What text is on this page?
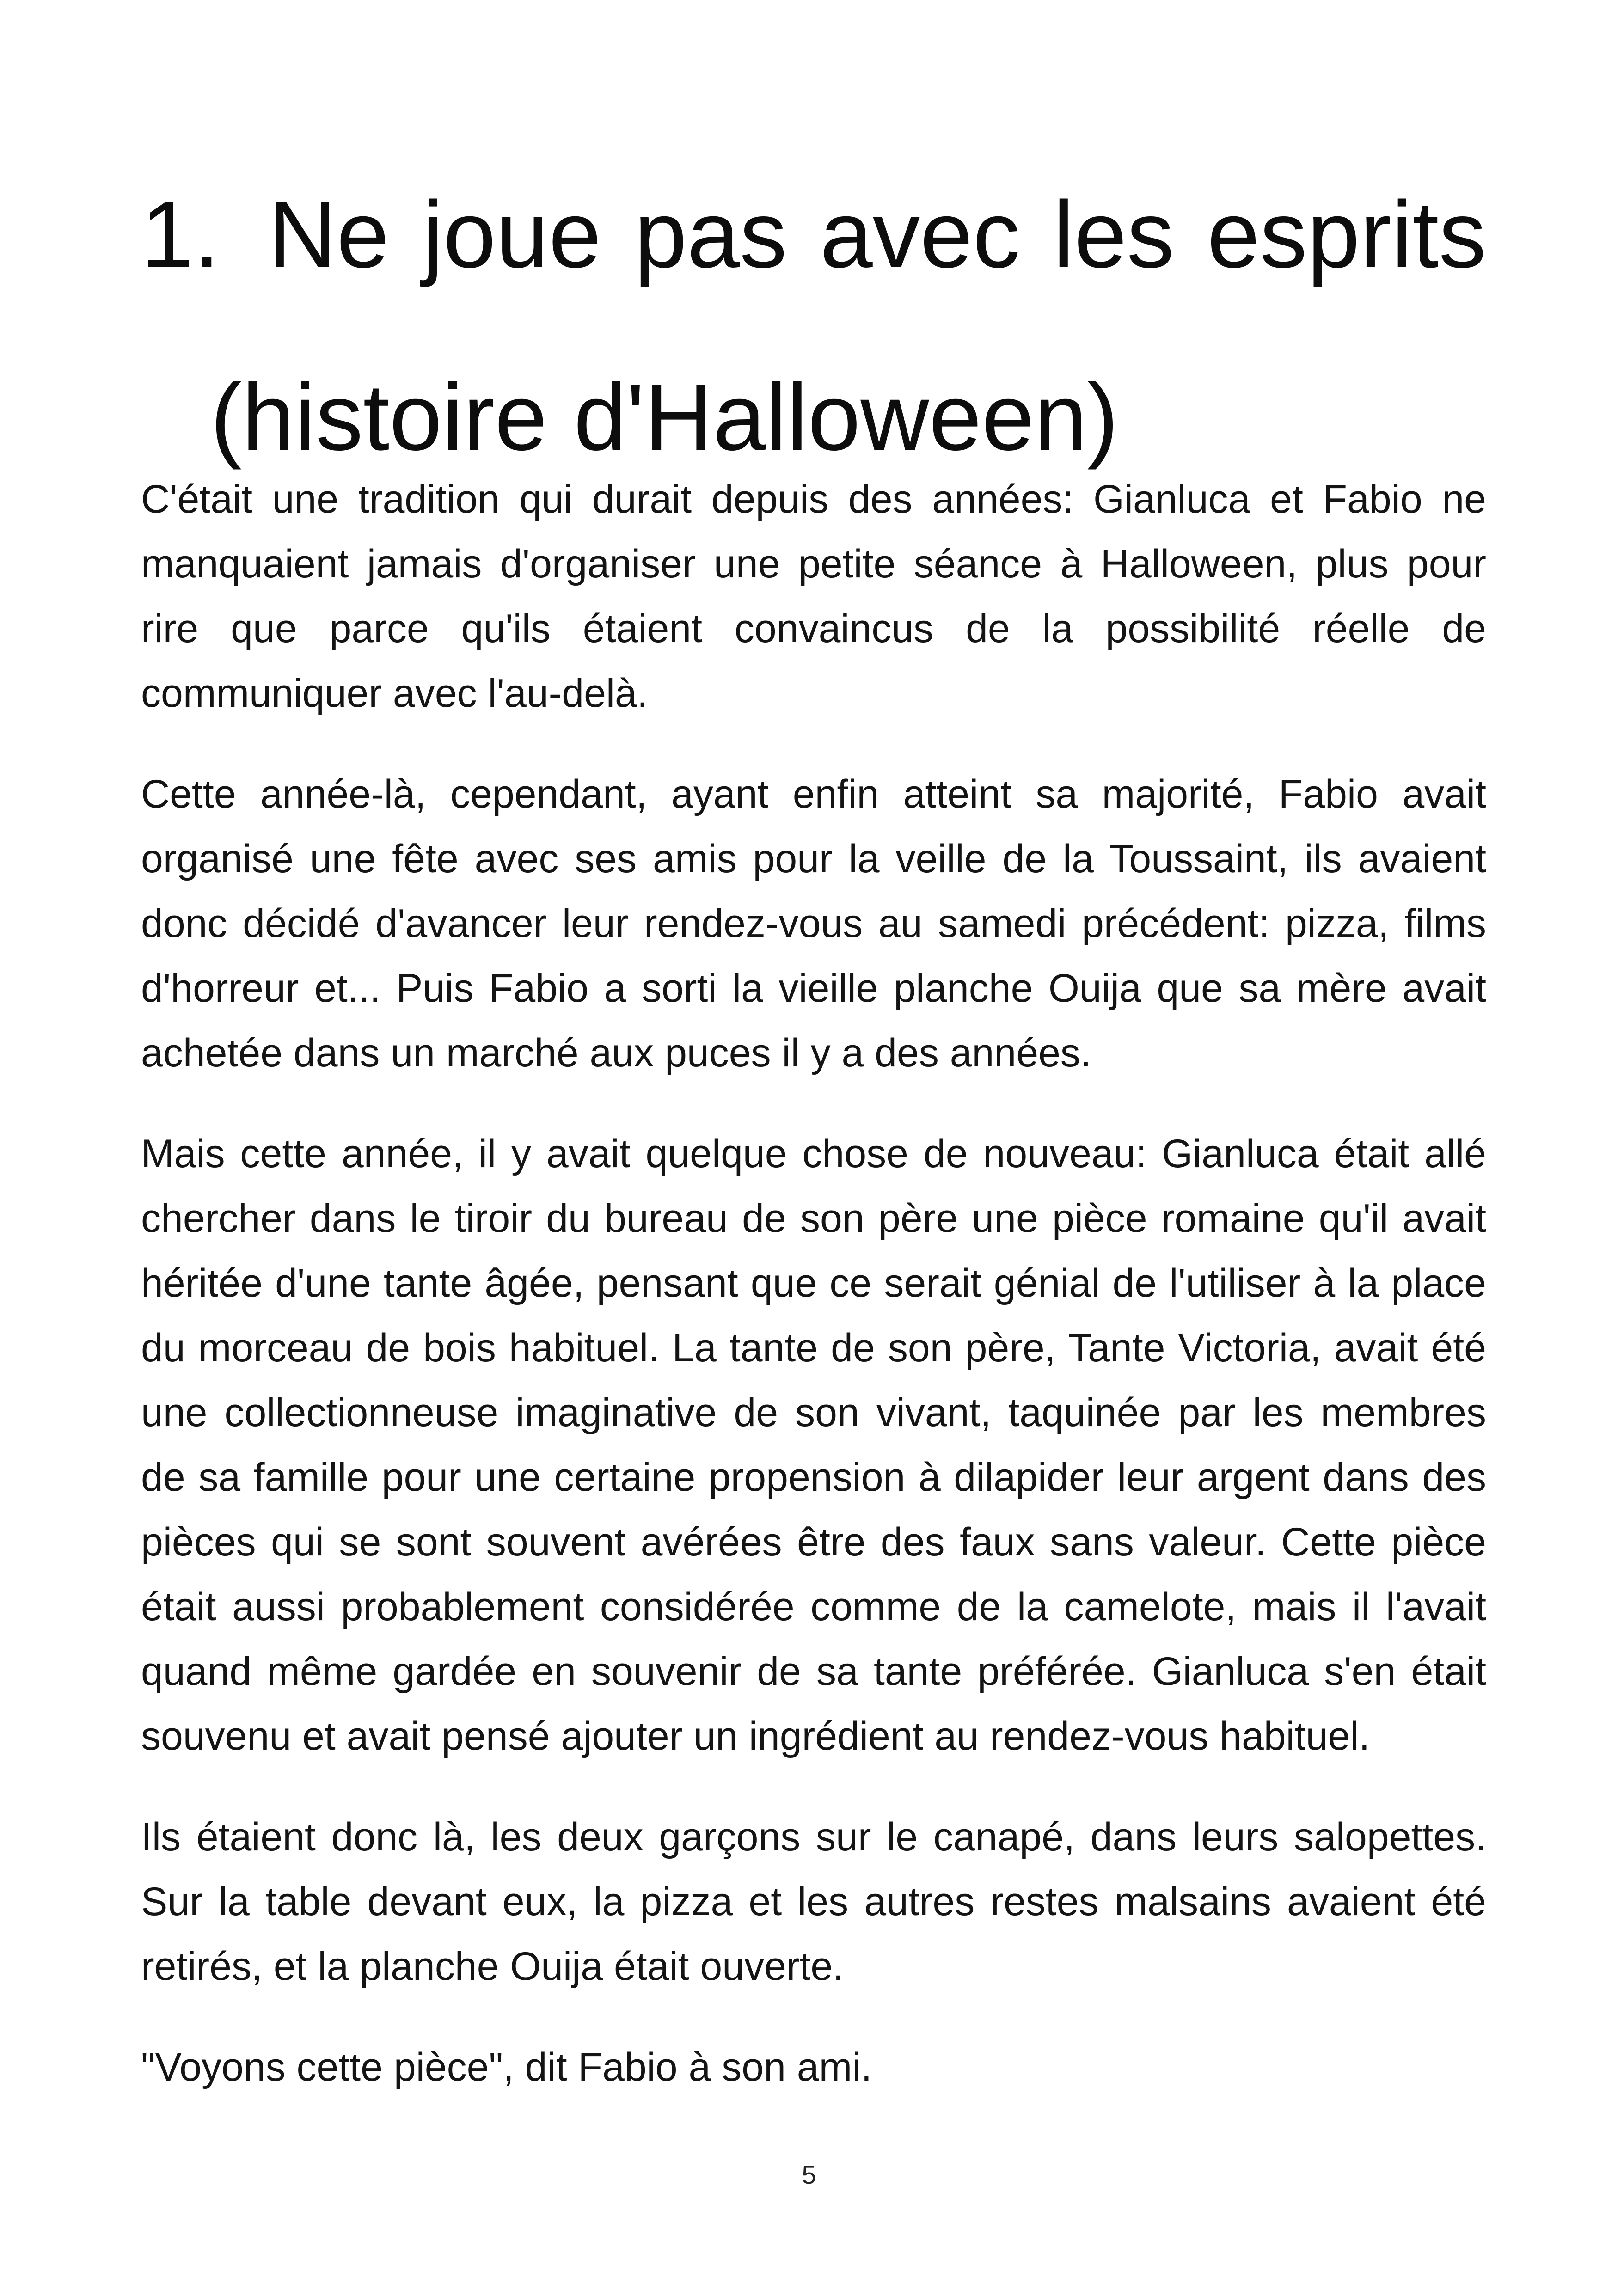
1. Ne joue pas avec les esprits
(histoire d'Halloween)

C'était une tradition qui durait depuis des années: Gianluca et Fabio ne manquaient jamais d'organiser une petite séance à Halloween, plus pour rire que parce qu'ils étaient convaincus de la possibilité réelle de communiquer avec l'au-delà.

Cette année-là, cependant, ayant enfin atteint sa majorité, Fabio avait organisé une fête avec ses amis pour la veille de la Toussaint, ils avaient donc décidé d'avancer leur rendez-vous au samedi précédent: pizza, films d'horreur et... Puis Fabio a sorti la vieille planche Ouija que sa mère avait achetée dans un marché aux puces il y a des années.

Mais cette année, il y avait quelque chose de nouveau: Gianluca était allé chercher dans le tiroir du bureau de son père une pièce romaine qu'il avait héritée d'une tante âgée, pensant que ce serait génial de l'utiliser à la place du morceau de bois habituel. La tante de son père, Tante Victoria, avait été une collectionneuse imaginative de son vivant, taquinée par les membres de sa famille pour une certaine propension à dilapider leur argent dans des pièces qui se sont souvent avérées être des faux sans valeur. Cette pièce était aussi probablement considérée comme de la camelote, mais il l'avait quand même gardée en souvenir de sa tante préférée. Gianluca s'en était souvenu et avait pensé ajouter un ingrédient au rendez-vous habituel.

Ils étaient donc là, les deux garçons sur le canapé, dans leurs salopettes. Sur la table devant eux, la pizza et les autres restes malsains avaient été retirés, et la planche Ouija était ouverte.

"Voyons cette pièce", dit Fabio à son ami.

5
